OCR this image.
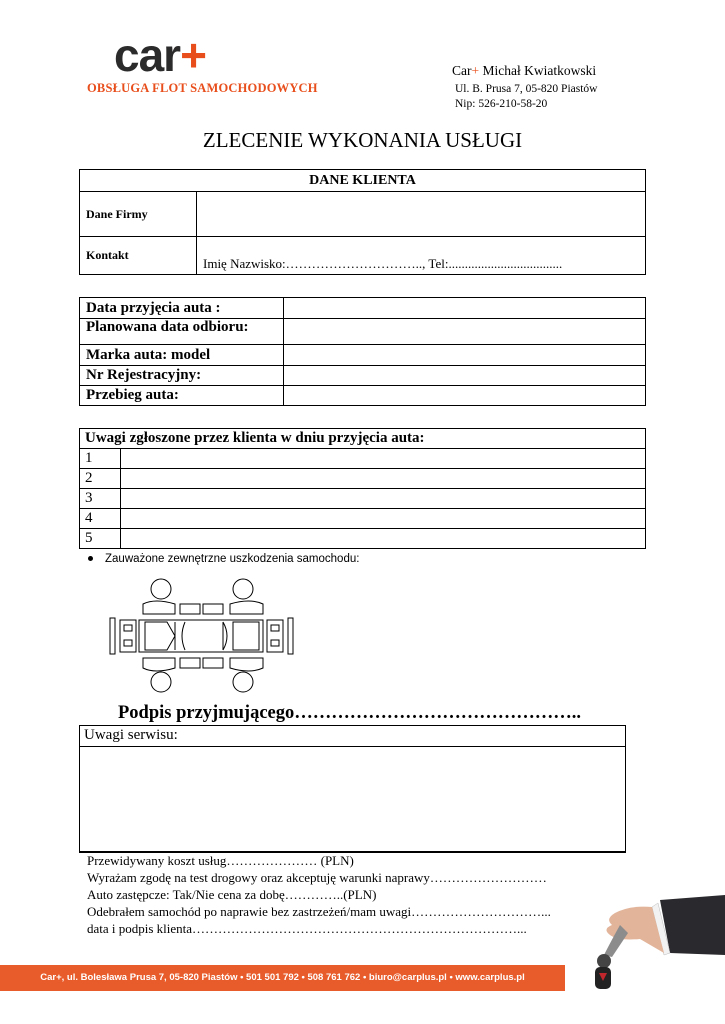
car+
OBSŁUGA FLOT SAMOCHODOWYCH
Car+ Michał Kwiatkowski
Ul. B. Prusa 7, 05-820 Piastów
Nip: 526-210-58-20
ZLECENIE WYKONANIA USŁUGI
DANE KLIENTA	
Dane Firmy	
Kontakt	Imię Nazwisko:………………………….., Tel:...................................
Data przyjęcia auta :	
Planowana data odbioru:	
Marka auta: model	
Nr Rejestracyjny:	
Przebieg auta:	
Uwagi zgłoszone przez klienta w dniu przyjęcia auta:	
1	
2	
3	
4	
5	
Zauważone zewnętrzne uszkodzenia samochodu:
Podpis przyjmującego………………………………………..
Uwagi serwisu:
Przewidywany koszt usług………………… (PLN)
Wyrażam zgodę na test drogowy oraz akceptuję warunki naprawy………………………
Auto zastępcze: Tak/Nie cena za dobę…………..(PLN)
Odebrałem samochód po naprawie bez zastrzeżeń/mam uwagi…………………………...
data i podpis klienta…………………………………………………………………...
Car+, ul. Bolesława Prusa 7, 05-820 Piastów • 501 501 792 • 508 761 762 • biuro@carplus.pl • www.carplus.pl
